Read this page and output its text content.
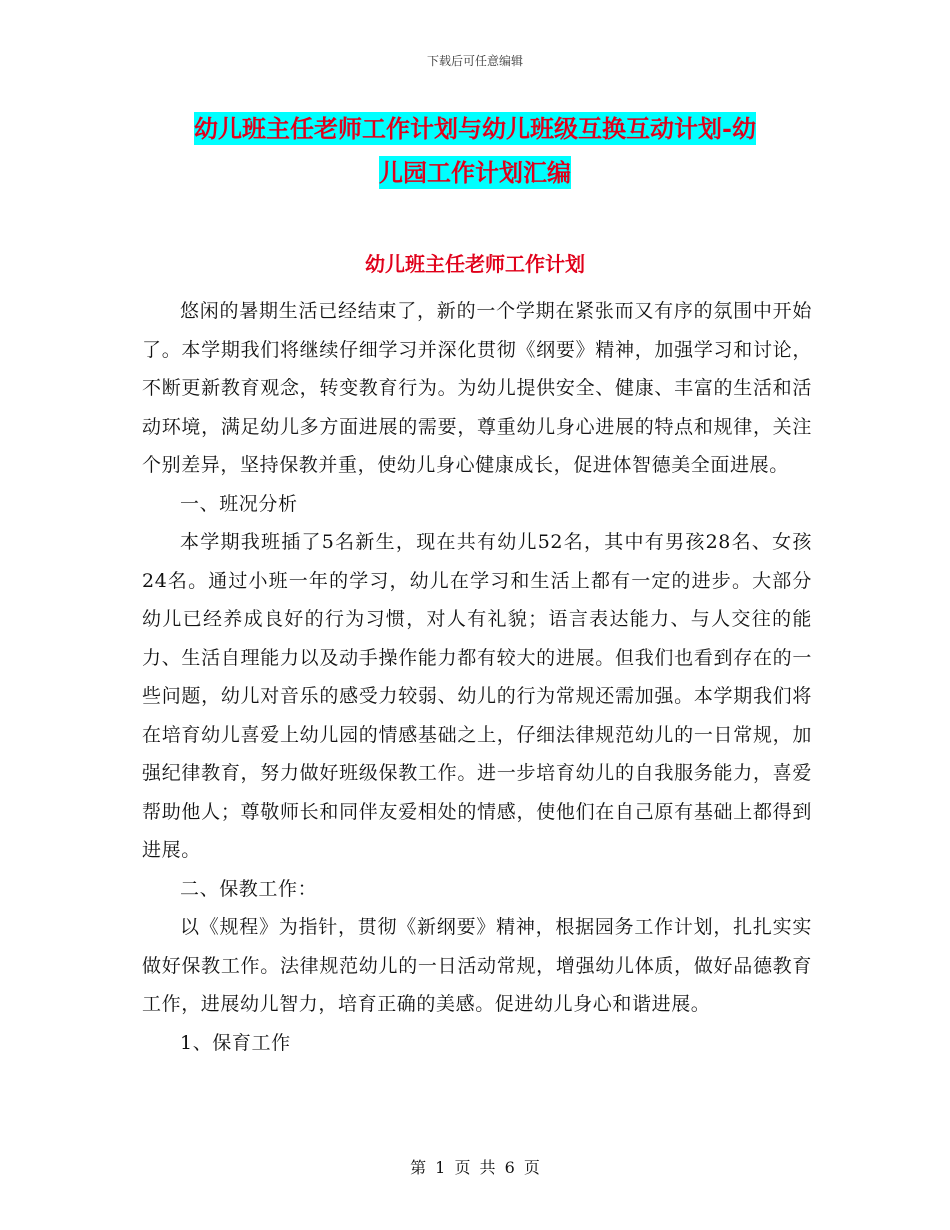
下载后可任意编辑
幼儿班主任老师工作计划与幼儿班级互换互动计划-幼
儿园工作计划汇编
幼儿班主任老师工作计划

悠闲的暑期生活已经结束了，新的一个学期在紧张而又有序的氛围中开始了。本学期我们将继续仔细学习并深化贯彻《纲要》精神，加强学习和讨论，不断更新教育观念，转变教育行为。为幼儿提供安全、健康、丰富的生活和活动环境，满足幼儿多方面进展的需要，尊重幼儿身心进展的特点和规律，关注个别差异，坚持保教并重，使幼儿身心健康成长，促进体智德美全面进展。

一、班况分析

本学期我班插了5名新生，现在共有幼儿52名，其中有男孩28名、女孩24名。通过小班一年的学习，幼儿在学习和生活上都有一定的进步。大部分幼儿已经养成良好的行为习惯，对人有礼貌；语言表达能力、与人交往的能力、生活自理能力以及动手操作能力都有较大的进展。但我们也看到存在的一些问题，幼儿对音乐的感受力较弱、幼儿的行为常规还需加强。本学期我们将在培育幼儿喜爱上幼儿园的情感基础之上，仔细法律规范幼儿的一日常规，加强纪律教育，努力做好班级保教工作。进一步培育幼儿的自我服务能力，喜爱帮助他人；尊敬师长和同伴友爱相处的情感，使他们在自己原有基础上都得到进展。

二、保教工作：

以《规程》为指针，贯彻《新纲要》精神，根据园务工作计划，扎扎实实做好保教工作。法律规范幼儿的一日活动常规，增强幼儿体质，做好品德教育工作，进展幼儿智力，培育正确的美感。促进幼儿身心和谐进展。

1、保育工作

第 1 页 共 6 页
